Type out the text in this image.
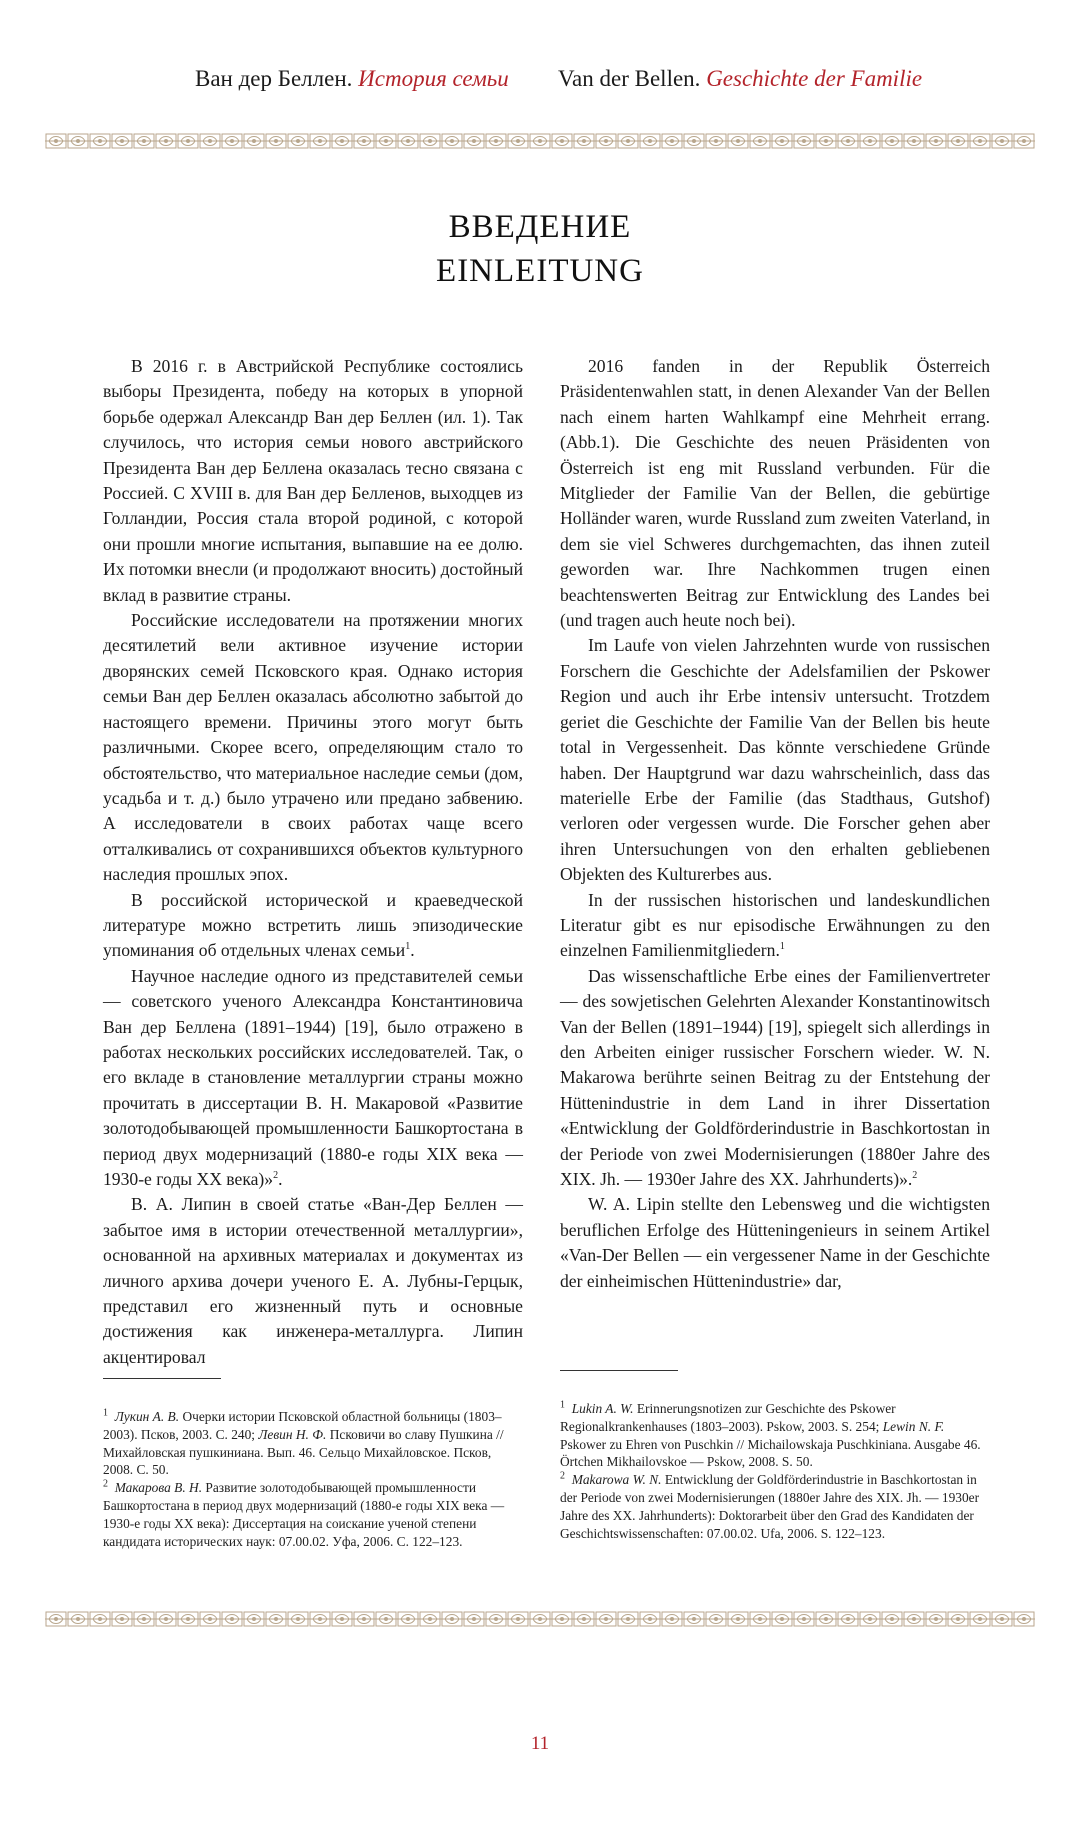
Ван дер Беллен. История семьи Van der Bellen. Geschichte der Familie
ВВЕДЕНИЕ
EINLEITUNG

В 2016 г. в Австрийской Республике состоялись выборы Президента, победу на которых в упорной борьбе одержал Александр Ван дер Беллен (ил. 1). Так случилось, что история семьи нового австрийского Президента Ван дер Беллена оказалась тесно связана с Россией. С XVIII в. для Ван дер Белленов, выходцев из Голландии, Россия стала второй родиной, с которой они прошли многие испытания, выпавшие на ее долю. Их потомки внесли (и продолжают вносить) достойный вклад в развитие страны.

Российские исследователи на протяжении многих десятилетий вели активное изучение истории дворянских семей Псковского края. Однако история семьи Ван дер Беллен оказалась абсолютно забытой до настоящего времени. Причины этого могут быть различными. Скорее всего, определяющим стало то обстоятельство, что материальное наследие семьи (дом, усадьба и т. д.) было утрачено или предано забвению. А исследователи в своих работах чаще всего отталкивались от сохранившихся объектов культурного наследия прошлых эпох.

В российской исторической и краеведческой литературе можно встретить лишь эпизодические упоминания об отдельных членах семьи$^1$.

Научное наследие одного из представителей семьи — советского ученого Александра Константиновича Ван дер Беллена (1891–1944) [19], было отражено в работах нескольких российских исследователей. Так, о его вкладе в становление металлургии страны можно прочитать в диссертации В. Н. Макаровой «Развитие золотодобывающей промышленности Башкортостана в период двух модернизаций (1880-е годы XIX века — 1930-е годы XX века)»$^2$.

В. А. Липин в своей статье «Ван-Дер Беллен — забытое имя в истории отечественной металлургии», основанной на архивных материалах и документах из личного архива дочери ученого Е. А. Лубны-Герцык, представил его жизненный путь и основные достижения как инженера-металлурга. Липин акцентировал

2016 fanden in der Republik Österreich Präsidentenwahlen statt, in denen Alexander Van der Bellen nach einem harten Wahlkampf eine Mehrheit errang. (Abb.1). Die Geschichte des neuen Präsidenten von Österreich ist eng mit Russland verbunden. Für die Mitglieder der Familie Van der Bellen, die gebürtige Holländer waren, wurde Russland zum zweiten Vaterland, in dem sie viel Schweres durchgemachten, das ihnen zuteil geworden war. Ihre Nachkommen trugen einen beachtenswerten Beitrag zur Entwicklung des Landes bei (und tragen auch heute noch bei).

Im Laufe von vielen Jahrzehnten wurde von russischen Forschern die Geschichte der Adelsfamilien der Pskower Region und auch ihr Erbe intensiv untersucht. Trotzdem geriet die Geschichte der Familie Van der Bellen bis heute total in Vergessenheit. Das könnte verschiedene Gründe haben. Der Hauptgrund war dazu wahrscheinlich, dass das materielle Erbe der Familie (das Stadthaus, Gutshof) verloren oder vergessen wurde. Die Forscher gehen aber ihren Untersuchungen von den erhalten gebliebenen Objekten des Kulturerbes aus.

In der russischen historischen und landeskundlichen Literatur gibt es nur episodische Erwähnungen zu den einzelnen Familienmitgliedern.$^1$

Das wissenschaftliche Erbe eines der Familienvertreter — des sowjetischen Gelehrten Alexander Konstantinowitsch Van der Bellen (1891–1944) [19], spiegelt sich allerdings in den Arbeiten einiger russischer Forschern wieder. W. N. Makarowa berührte seinen Beitrag zu der Entstehung der Hüttenindustrie in dem Land in ihrer Dissertation «Entwicklung der Goldförderindustrie in Baschkortostan in der Periode von zwei Modernisierungen (1880er Jahre des XIX. Jh. — 1930er Jahre des XX. Jahrhunderts)».$^2$

W. A. Lipin stellte den Lebensweg und die wichtigsten beruflichen Erfolge des Hütteningenieurs in seinem Artikel «Van-Der Bellen — ein vergessener Name in der Geschichte der einheimischen Hüttenindustrie» dar,

$^1$ Лукин А. В. Очерки истории Псковской областной больницы (1803–2003). Псков, 2003. С. 240; Левин Н. Ф. Псковичи во славу Пушкина // Михайловская пушкиниана. Вып. 46. Сельцо Михайловское. Псков, 2008. С. 50.

$^2$ Макарова В. Н. Развитие золотодобывающей промышленности Башкортостана в период двух модернизаций (1880-е годы XIX века — 1930-е годы XX века): Диссертация на соискание ученой степени кандидата исторических наук: 07.00.02. Уфа, 2006. С. 122–123.

$^1$ Lukin A. W. Erinnerungsnotizen zur Geschichte des Pskower Regionalkrankenhauses (1803–2003). Pskow, 2003. S. 254; Lewin N. F. Pskower zu Ehren von Puschkin // Michailowskaja Puschkiniana. Ausgabe 46. Örtchen Mikhailovskoe — Pskow, 2008. S. 50.

$^2$ Makarowa W. N. Entwicklung der Goldförderindustrie in Baschkortostan in der Periode von zwei Modernisierungen (1880er Jahre des XIX. Jh. — 1930er Jahre des XX. Jahrhunderts): Doktorarbeit über den Grad des Kandidaten der Geschichtswissenschaften: 07.00.02. Ufa, 2006. S. 122–123.

11
